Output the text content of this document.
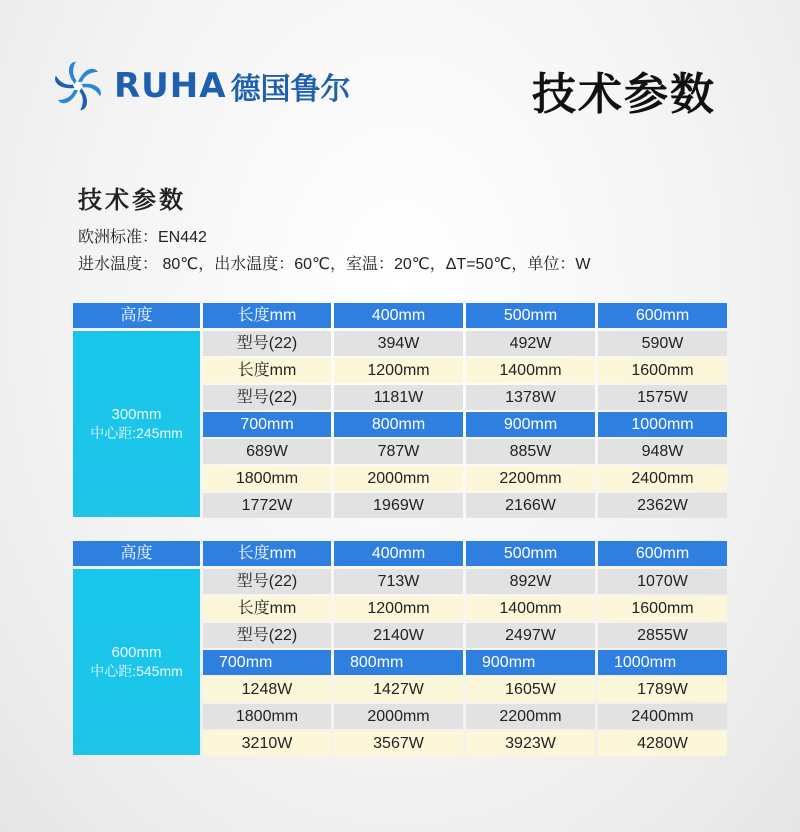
RUHA 德国鲁尔	技术参数
技术参数
欧洲标准：EN442
进水温度： 80℃，出水温度：60℃，室温：20℃，ΔT=50℃，单位：W
高度	长度mm	400mm	500mm	600mm
300mm
中心距:245mm
型号(22)	394W	492W	590W
长度mm	1200mm	1400mm	1600mm
型号(22)	1181W	1378W	1575W
700mm	800mm	900mm	1000mm
689W	787W	885W	948W
1800mm	2000mm	2200mm	2400mm
1772W	1969W	2166W	2362W
高度	长度mm	400mm	500mm	600mm
600mm
中心距:545mm
型号(22)	713W	892W	1070W
长度mm	1200mm	1400mm	1600mm
型号(22)	2140W	2497W	2855W
700mm	800mm	900mm	1000mm
1248W	1427W	1605W	1789W
1800mm	2000mm	2200mm	2400mm
3210W	3567W	3923W	4280W
